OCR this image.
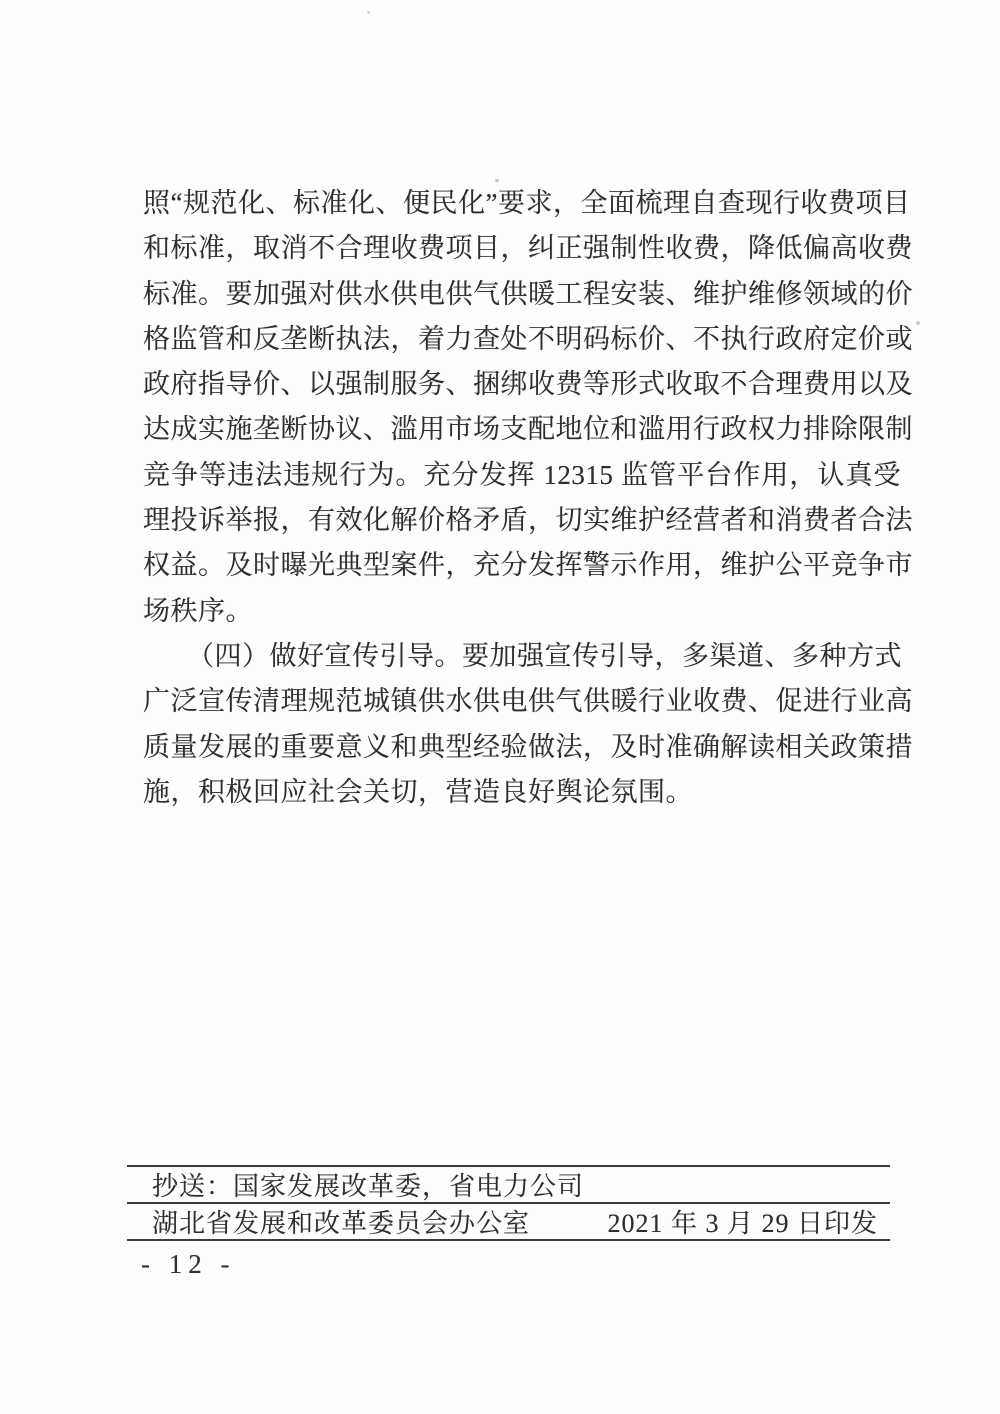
照“规范化、标准化、便民化”要求，全面梳理自查现行收费项目
和标准，取消不合理收费项目，纠正强制性收费，降低偏高收费
标准。要加强对供水供电供气供暖工程安装、维护维修领域的价
格监管和反垄断执法，着力查处不明码标价、不执行政府定价或
政府指导价、以强制服务、捆绑收费等形式收取不合理费用以及
达成实施垄断协议、滥用市场支配地位和滥用行政权力排除限制
竞争等违法违规行为。充分发挥 12315 监管平台作用，认真受
理投诉举报，有效化解价格矛盾，切实维护经营者和消费者合法
权益。及时曝光典型案件，充分发挥警示作用，维护公平竞争市
场秩序。
（四）做好宣传引导。要加强宣传引导，多渠道、多种方式
广泛宣传清理规范城镇供水供电供气供暖行业收费、促进行业高
质量发展的重要意义和典型经验做法，及时准确解读相关政策措
施，积极回应社会关切，营造良好舆论氛围。
抄送：国家发展改革委，省电力公司
湖北省发展和改革委员会办公室	2021 年 3 月 29 日印发
- 12 -
